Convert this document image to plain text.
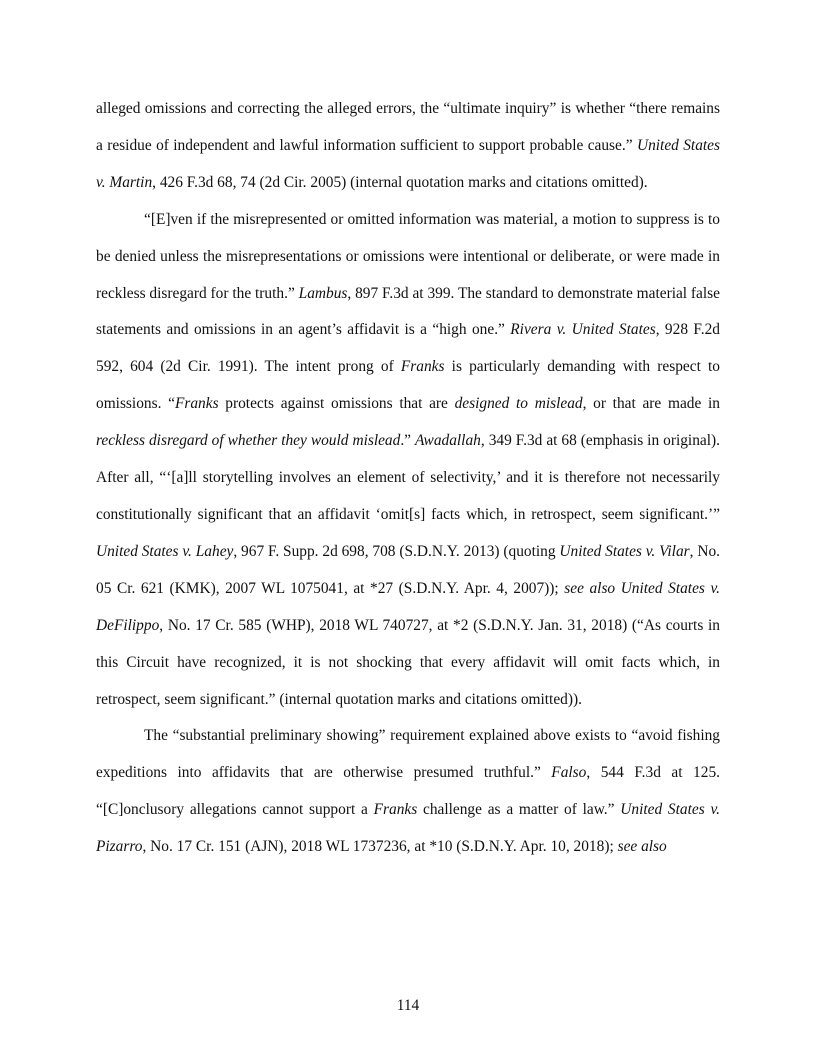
alleged omissions and correcting the alleged errors, the “ultimate inquiry” is whether “there remains a residue of independent and lawful information sufficient to support probable cause.” United States v. Martin, 426 F.3d 68, 74 (2d Cir. 2005) (internal quotation marks and citations omitted).

“[E]ven if the misrepresented or omitted information was material, a motion to suppress is to be denied unless the misrepresentations or omissions were intentional or deliberate, or were made in reckless disregard for the truth.” Lambus, 897 F.3d at 399. The standard to demonstrate material false statements and omissions in an agent’s affidavit is a “high one.” Rivera v. United States, 928 F.2d 592, 604 (2d Cir. 1991). The intent prong of Franks is particularly demanding with respect to omissions. “Franks protects against omissions that are designed to mislead, or that are made in reckless disregard of whether they would mislead.” Awadallah, 349 F.3d at 68 (emphasis in original). After all, “‘[a]ll storytelling involves an element of selectivity,’ and it is therefore not necessarily constitutionally significant that an affidavit ‘omit[s] facts which, in retrospect, seem significant.’” United States v. Lahey, 967 F. Supp. 2d 698, 708 (S.D.N.Y. 2013) (quoting United States v. Vilar, No. 05 Cr. 621 (KMK), 2007 WL 1075041, at *27 (S.D.N.Y. Apr. 4, 2007)); see also United States v. DeFilippo, No. 17 Cr. 585 (WHP), 2018 WL 740727, at *2 (S.D.N.Y. Jan. 31, 2018) (“As courts in this Circuit have recognized, it is not shocking that every affidavit will omit facts which, in retrospect, seem significant.” (internal quotation marks and citations omitted)).

The “substantial preliminary showing” requirement explained above exists to “avoid fishing expeditions into affidavits that are otherwise presumed truthful.” Falso, 544 F.3d at 125. “[C]onclusory allegations cannot support a Franks challenge as a matter of law.” United States v. Pizarro, No. 17 Cr. 151 (AJN), 2018 WL 1737236, at *10 (S.D.N.Y. Apr. 10, 2018); see also

114
